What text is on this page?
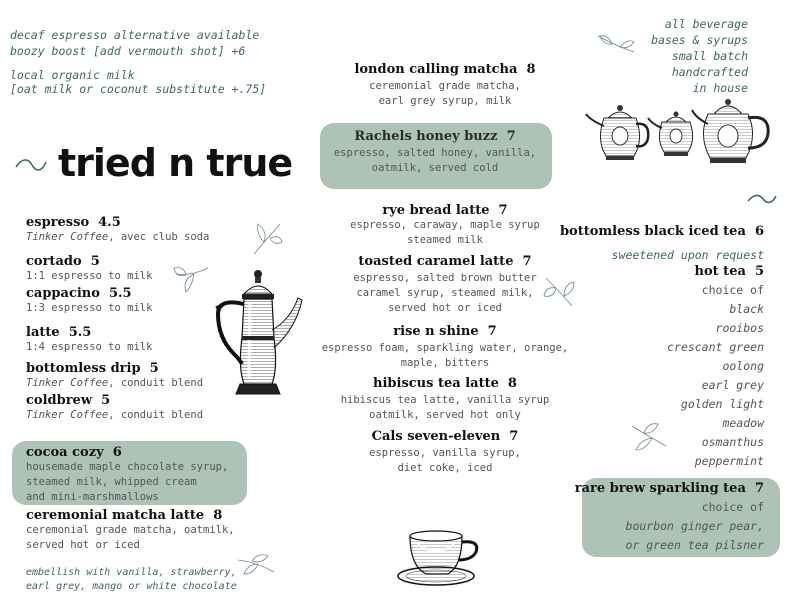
decaf espresso alternative available
boozy boost [add vermouth shot] +6
local organic milk
[oat milk or coconut substitute +.75]
all beverage
bases & syrups
small batch
handcrafted
in house
tried n true
espresso 4.5
Tinker Coffee, avec club soda
cortado 5
1:1 espresso to milk
cappacino 5.5
1:3 espresso to milk
latte 5.5
1:4 espresso to milk
bottomless drip 5
Tinker Coffee, conduit blend
coldbrew 5
Tinker Coffee, conduit blend
cocoa cozy 6
housemade maple chocolate syrup,
steamed milk, whipped cream
and mini-marshmallows
ceremonial matcha latte 8
ceremonial grade matcha, oatmilk,
served hot or iced
embellish with vanilla, strawberry,
earl grey, mango or white chocolate
london calling matcha 8
ceremonial grade matcha,
earl grey syrup, milk
Rachels honey buzz 7
espresso, salted honey, vanilla,
oatmilk, served cold
rye bread latte 7
espresso, caraway, maple syrup
steamed milk
toasted caramel latte 7
espresso, salted brown butter
caramel syrup, steamed milk,
served hot or iced
rise n shine 7
espresso foam, sparkling water, orange,
maple, bitters
hibiscus tea latte 8
hibiscus tea latte, vanilla syrup
oatmilk, served hot only
Cals seven-eleven 7
espresso, vanilla syrup,
diet coke, iced
bottomless black iced tea 6
sweetened upon request
hot tea 5
choice of
black
rooibos
crescant green
oolong
earl grey
golden light
meadow
osmanthus
peppermint
rare brew sparkling tea 7
choice of
bourbon ginger pear,
or green tea pilsner
